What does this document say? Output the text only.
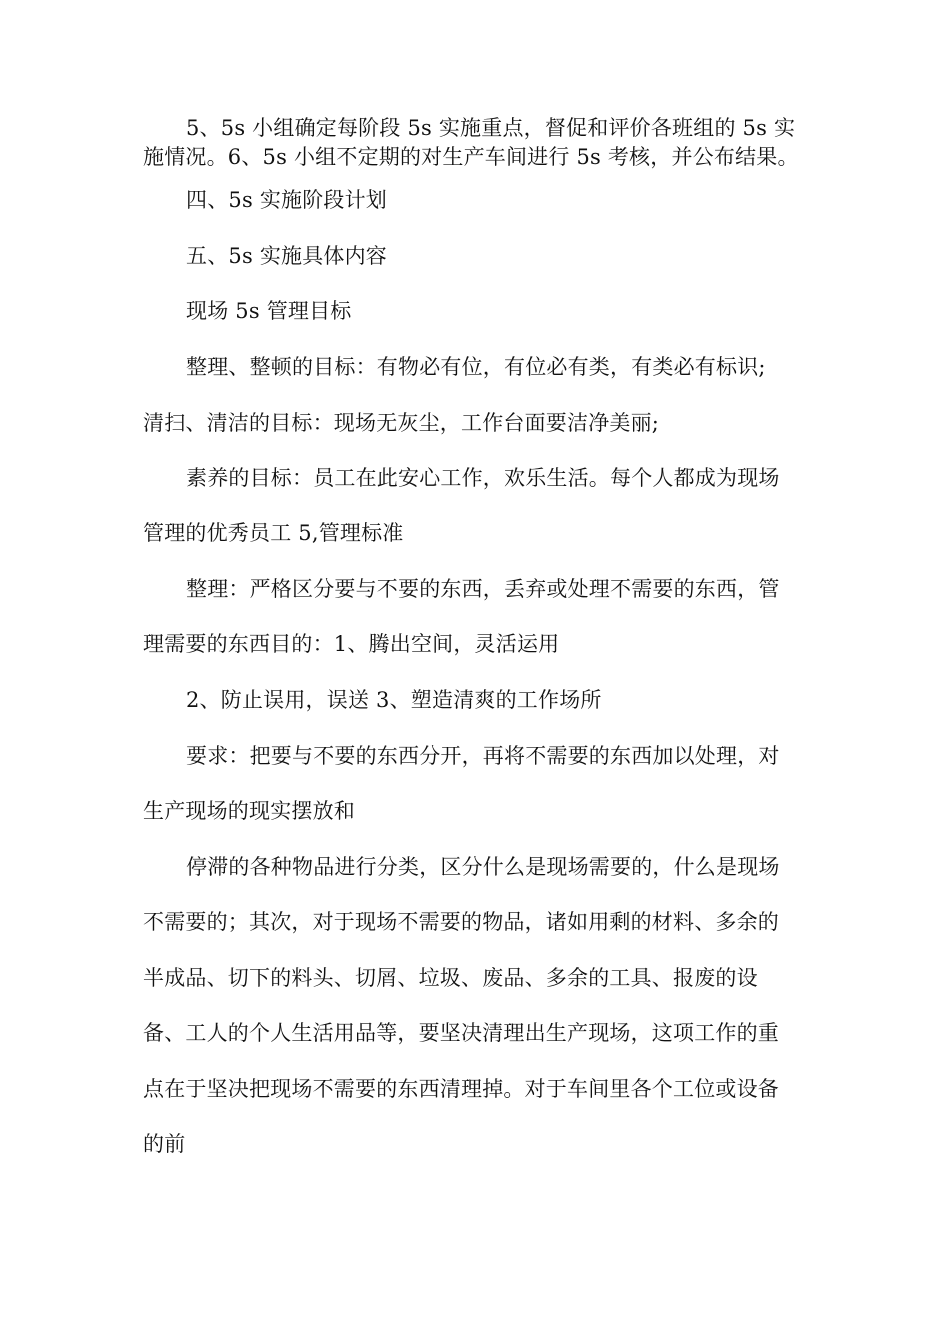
5、5s 小组确定每阶段 5s 实施重点，督促和评价各班组的 5s 实
施情况。6、5s 小组不定期的对生产车间进行 5s 考核，并公布结果。
四、5s 实施阶段计划
五、5s 实施具体内容
现场 5s 管理目标
整理、整顿的目标：有物必有位，有位必有类，有类必有标识;
清扫、清洁的目标：现场无灰尘，工作台面要洁净美丽;
素养的目标：员工在此安心工作，欢乐生活。每个人都成为现场
管理的优秀员工 5,管理标准
整理：严格区分要与不要的东西，丢弃或处理不需要的东西，管
理需要的东西目的：1、腾出空间，灵活运用
2、防止误用，误送 3、塑造清爽的工作场所
要求：把要与不要的东西分开，再将不需要的东西加以处理，对
生产现场的现实摆放和
停滞的各种物品进行分类，区分什么是现场需要的，什么是现场
不需要的；其次，对于现场不需要的物品，诸如用剩的材料、多余的
半成品、切下的料头、切屑、垃圾、废品、多余的工具、报废的设
备、工人的个人生活用品等，要坚决清理出生产现场，这项工作的重
点在于坚决把现场不需要的东西清理掉。对于车间里各个工位或设备
的前
